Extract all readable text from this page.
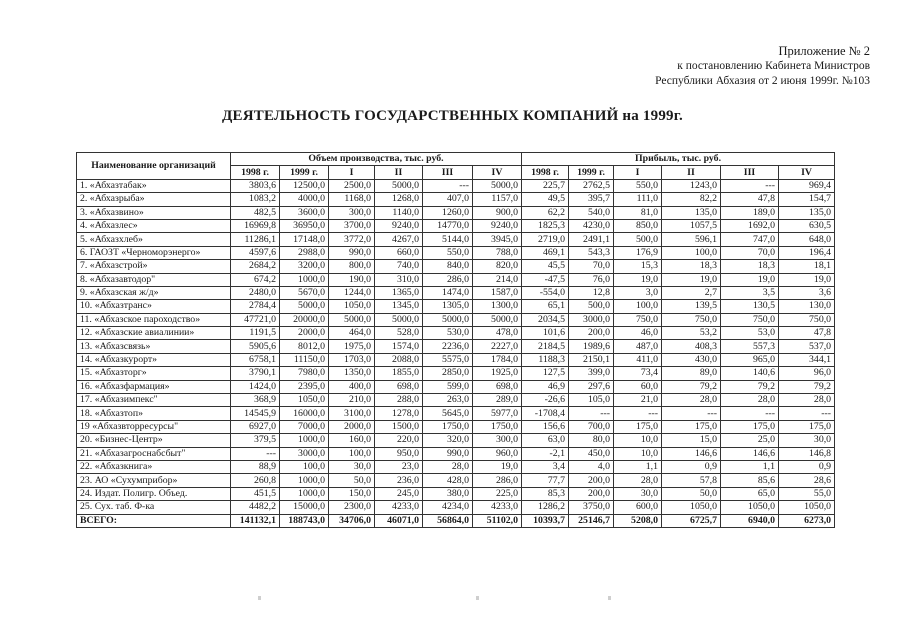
Приложение № 2
к постановлению Кабинета Министров
Республики Абхазия от 2 июня 1999г. №103
ДЕЯТЕЛЬНОСТЬ ГОСУДАРСТВЕННЫХ КОМПАНИЙ на 1999г.
Наименование организаций	Объем производства, тыс. руб.						Прибыль, тыс. руб.					
	1998 г.	1999 г.	I	II	III	IV	1998 г.	1999 г.	I	II	III	IV
1. «Абхазтабак»	3803,6	12500,0	2500,0	5000,0	---	5000,0	225,7	2762,5	550,0	1243,0	---	969,4
2. «Абхазрыба»	1083,2	4000,0	1168,0	1268,0	407,0	1157,0	49,5	395,7	111,0	82,2	47,8	154,7
3. «Абхазвино»	482,5	3600,0	300,0	1140,0	1260,0	900,0	62,2	540,0	81,0	135,0	189,0	135,0
4. «Абхазлес»	16969,8	36950,0	3700,0	9240,0	14770,0	9240,0	1825,3	4230,0	850,0	1057,5	1692,0	630,5
5. «Абхазхлеб»	11286,1	17148,0	3772,0	4267,0	5144,0	3945,0	2719,0	2491,1	500,0	596,1	747,0	648,0
6. ГАОЗТ «Черноморэнерго»	4597,6	2988,0	990,0	660,0	550,0	788,0	469,1	543,3	176,9	100,0	70,0	196,4
7. «Абхазстрой»	2684,2	3200,0	800,0	740,0	840,0	820,0	45,5	70,0	15,3	18,3	18,3	18,1
8. «Абхазавтодор"	674,2	1000,0	190,0	310,0	286,0	214,0	-47,5	76,0	19,0	19,0	19,0	19,0
9. «Абхазская ж/д»	2480,0	5670,0	1244,0	1365,0	1474,0	1587,0	-554,0	12,8	3,0	2,7	3,5	3,6
10. «Абхазтранс»	2784,4	5000,0	1050,0	1345,0	1305,0	1300,0	65,1	500,0	100,0	139,5	130,5	130,0
11. «Абхазское пароходство»	47721,0	20000,0	5000,0	5000,0	5000,0	5000,0	2034,5	3000,0	750,0	750,0	750,0	750,0
12. «Абхазские авиалинии»	1191,5	2000,0	464,0	528,0	530,0	478,0	101,6	200,0	46,0	53,2	53,0	47,8
13. «Абхазсвязь»	5905,6	8012,0	1975,0	1574,0	2236,0	2227,0	2184,5	1989,6	487,0	408,3	557,3	537,0
14. «Абхазкурорт»	6758,1	11150,0	1703,0	2088,0	5575,0	1784,0	1188,3	2150,1	411,0	430,0	965,0	344,1
15. «Абхазторг»	3790,1	7980,0	1350,0	1855,0	2850,0	1925,0	127,5	399,0	73,4	89,0	140,6	96,0
16. «Абхазфармация»	1424,0	2395,0	400,0	698,0	599,0	698,0	46,9	297,6	60,0	79,2	79,2	79,2
17. «Абхазимпекс"	368,9	1050,0	210,0	288,0	263,0	289,0	-26,6	105,0	21,0	28,0	28,0	28,0
18. «Абхазтоп»	14545,9	16000,0	3100,0	1278,0	5645,0	5977,0	-1708,4	---	---	---	---	---
19 «Абхазвторресурсы"	6927,0	7000,0	2000,0	1500,0	1750,0	1750,0	156,6	700,0	175,0	175,0	175,0	175,0
20. «Бизнес-Центр»	379,5	1000,0	160,0	220,0	320,0	300,0	63,0	80,0	10,0	15,0	25,0	30,0
21. «Абхазагроснабсбыт"	---	3000,0	100,0	950,0	990,0	960,0	-2,1	450,0	10,0	146,6	146,6	146,8
22. «Абхазкнига»	88,9	100,0	30,0	23,0	28,0	19,0	3,4	4,0	1,1	0,9	1,1	0,9
23. АО «Сухумприбор»	260,8	1000,0	50,0	236,0	428,0	286,0	77,7	200,0	28,0	57,8	85,6	28,6
24. Издат. Полигр. Объед.	451,5	1000,0	150,0	245,0	380,0	225,0	85,3	200,0	30,0	50,0	65,0	55,0
25. Сух. таб. Ф-ка	4482,2	15000,0	2300,0	4233,0	4234,0	4233,0	1286,2	3750,0	600,0	1050,0	1050,0	1050,0
ВСЕГО:	141132,1	188743,0	34706,0	46071,0	56864,0	51102,0	10393,7	25146,7	5208,0	6725,7	6940,0	6273,0
